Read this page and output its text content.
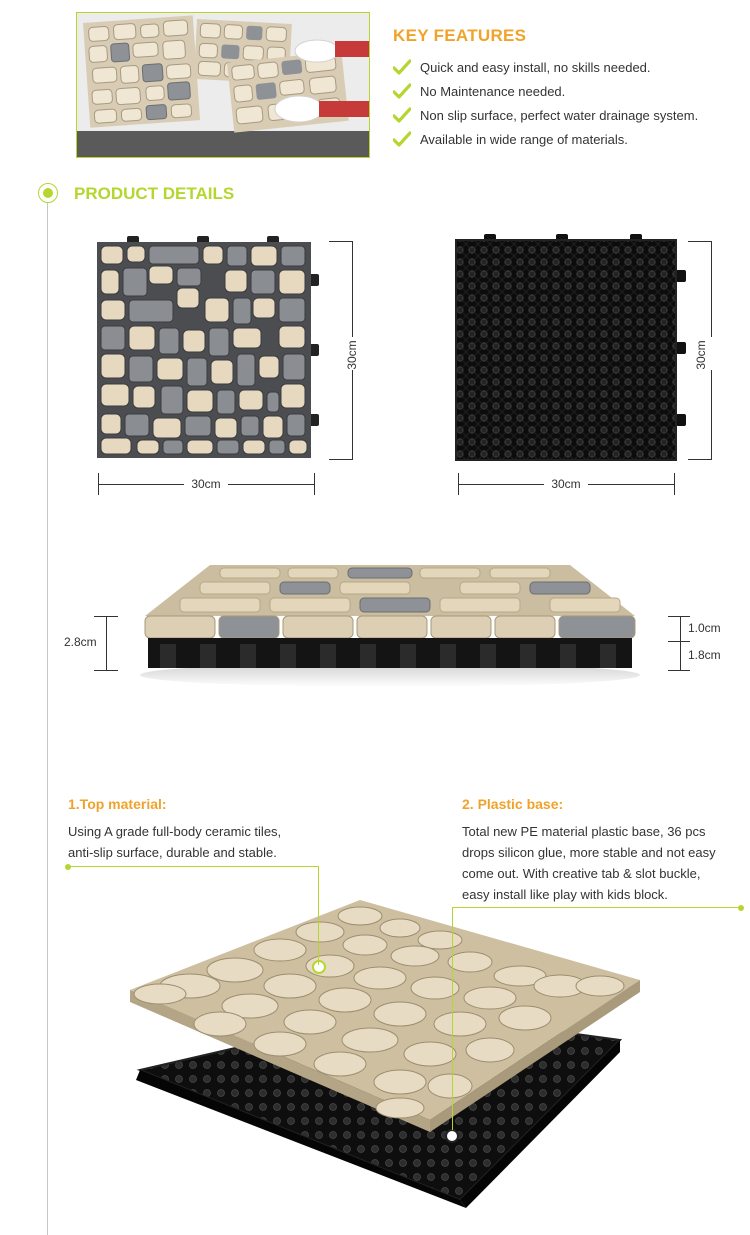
KEY FEATURES
Quick and easy install, no skills needed.
No Maintenance needed.
Non slip surface, perfect water drainage system.
Available in wide range of materials.
PRODUCT DETAILS
30cm
30cm
30cm
30cm
2.8cm
1.0cm
1.8cm
1.Top material:
Using A grade full-body ceramic tiles,
anti-slip surface, durable and stable.
2. Plastic base:
Total new PE material plastic base, 36 pcs
drops silicon glue, more stable and not easy
come out. With creative tab & slot buckle,
easy install like play with kids block.
